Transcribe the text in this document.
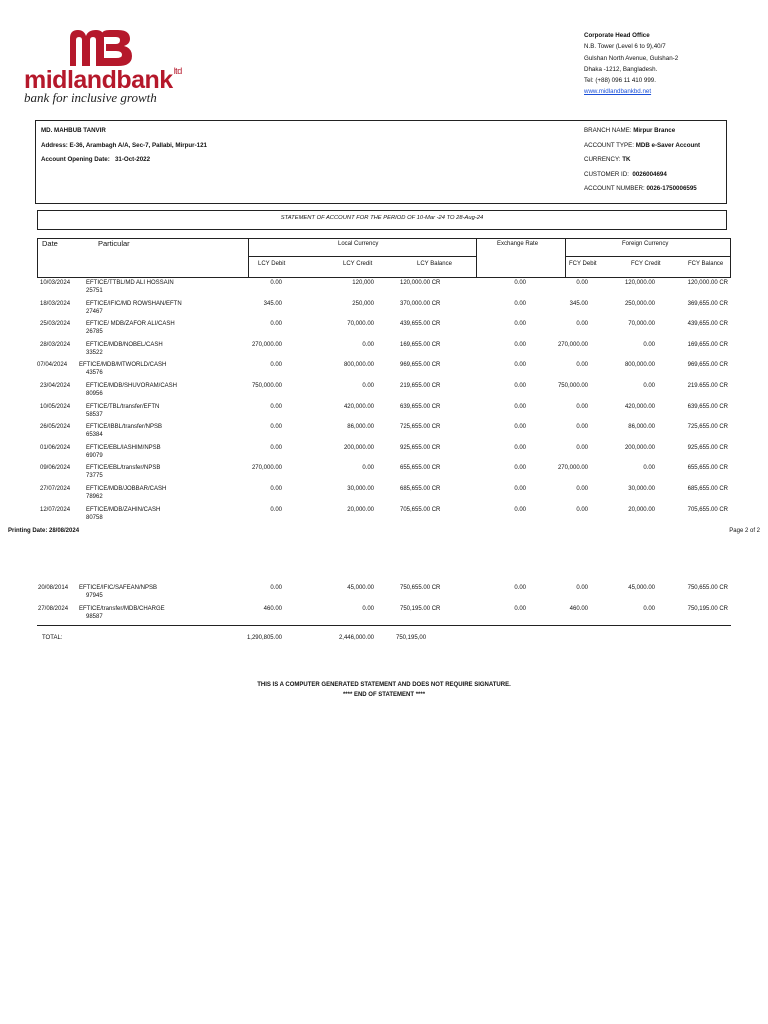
midlandbank$^{ltd}$
bank for inclusive growth
Corporate Head Office
N.B. Tower (Level 6 to 9),40/7
Gulshan North Avenue, Gulshan-2
Dhaka -1212, Bangladesh.
Tel: (+88) 096 11 410 999.
www.midlandbankbd.net
MD. MAHBUB TANVIR
Address: E-36, Arambagh A/A, Sec-7, Pallabi, Mirpur-121
Account Opening Date: 31-Oct-2022
BRANCH NAME: Mirpur Brance
ACCOUNT TYPE: MDB e-Saver Account
CURRENCY: TK
CUSTOMER ID: 0026004694
ACCOUNT NUMBER: 0026-1750006595
STATEMENT OF ACCOUNT FOR THE PERIOD OF 10-Mar -24 TO 28-Aug-24
Date	Particular	Local Currency	Exchange Rate	Foreign Currency
LCY Debit	LCY Credit	LCY Balance	FCY Debit	FCY Credit	FCY Balance
10/03/2024	EFTICE/TTBL/MD ALI HOSSAIN
25751
0.00	120,000	120,000.00 CR	0.00	0.00	120,000.00	120,000.00 CR
18/03/2024	EFTICE/IFIC/MD ROWSHAN/EFTN
27467
345.00	250,000	370,000.00 CR	0.00	345.00	250,000.00	369,655.00 CR
25/03/2024	EFTICE/ MDB/ZAFOR ALI/CASH
26785
0.00	70,000.00	439,655.00 CR	0.00	0.00	70,000.00	439,655.00 CR
28/03/2024	EFTICE/MDB/NOBEL/CASH
33522
270,000.00	0.00	169,655.00 CR	0.00	270,000.00	0.00	169,655.00 CR
07/04/2024 EFTICE/MDB/MTWORLD/CASH
43576
0.00	800,000.00	969,655.00 CR	0.00	0.00	800,000.00	969,655.00 CR
23/04/2024	EFTICE/MDB/SHUVORAM/CASH
80956
750,000.00	0.00	219,655.00 CR	0.00	750,000.00	0.00	219.655.00 CR
10/05/2024	EFTICE/TBL/transfer/EFTN
58537
0.00	420,000.00	639,655.00 CR	0.00	0.00	420,000.00	639,655.00 CR
26/05/2024	EFTICE/IBBL/transfer/NPSB
65384
0.00	86,000.00	725,655.00 CR	0.00	0.00	86,000.00	725,655.00 CR
01/06/2024	EFTICE/EBL/IASHIM/NPSB
69079
0.00	200,000.00	925,655.00 CR	0.00	0.00	200,000.00	925,655.00 CR
09/06/2024	EFTICE/EBL/transfer/NPSB
73775
270,000.00	0.00	655,655.00 CR	0.00	270,000.00	0.00	655,655.00 CR
27/07/2024	EFTICE/MDB/JOBBAR/CASH
78962
0.00	30,000.00	685,655.00 CR	0.00	0.00	30,000.00	685,655.00 CR
12/07/2024	EFTICE/MDB/ZAHIN/CASH
80758
0.00	20,000.00	705,655.00 CR	0.00	0.00	20,000.00	705,655.00 CR
Printing Date: 28/08/2024	Page 2 of 2
20/08/2014 EFTICE/IFIC/SAFEAN/NPSB
97945
0.00	45,000.00	750,655.00 CR	0.00	0.00	45,000.00	750,655.00 CR
27/08/2024 EFTICE/transfer/MDB/CHARGE
98587
460.00	0.00	750,195.00 CR	0.00	460.00	0.00	750,195.00 CR
TOTAL:	1,290,805.00	2,446,000.00	750,195,00
THIS IS A COMPUTER GENERATED STATEMENT AND DOES NOT REQUIRE SIGNATURE.
**** END OF STATEMENT ****
